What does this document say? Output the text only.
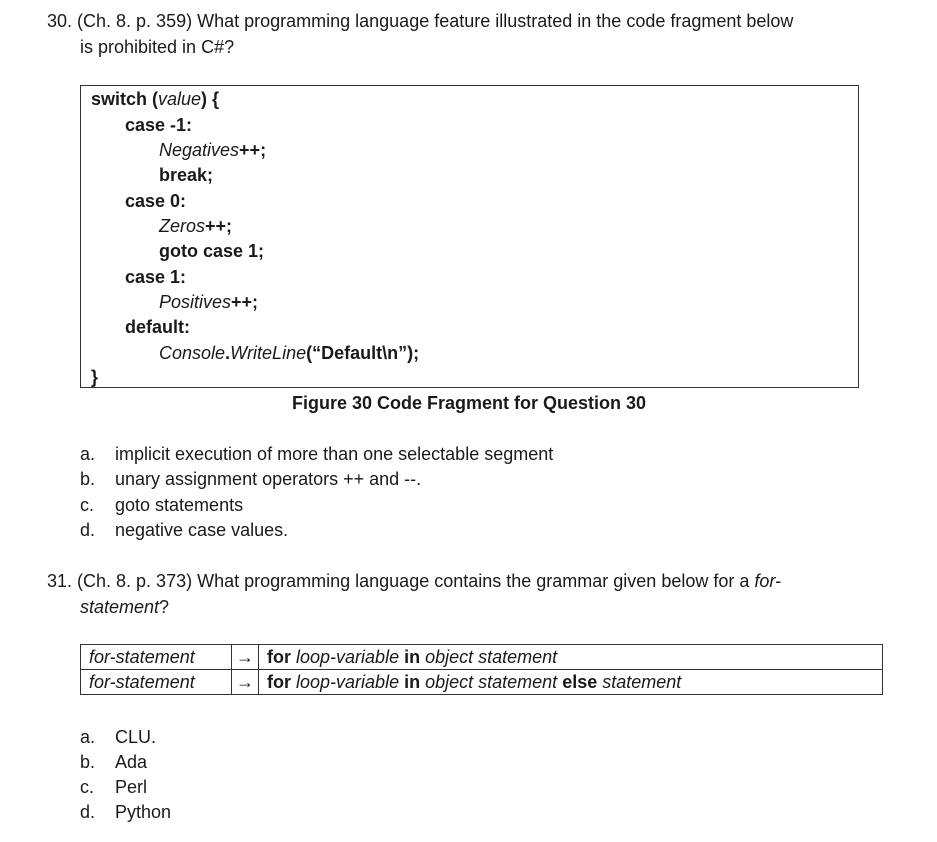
30. (Ch. 8. p. 359) What programming language feature illustrated in the code fragment below
is prohibited in C#?
switch (value) {
case -1:
Negatives++;
break;
case 0:
Zeros++;
goto case 1;
case 1:
Positives++;
default:
Console.WriteLine(“Default\n”);
}
Figure 30 Code Fragment for Question 30
a. implicit execution of more than one selectable segment
b. unary assignment operators ++ and --.
c. goto statements
d. negative case values.
31. (Ch. 8. p. 373) What programming language contains the grammar given below for a for-
statement?
for-statement	→	for loop-variable in object statement
for-statement	→	for loop-variable in object statement else statement
a. CLU.
b. Ada
c. Perl
d. Python
